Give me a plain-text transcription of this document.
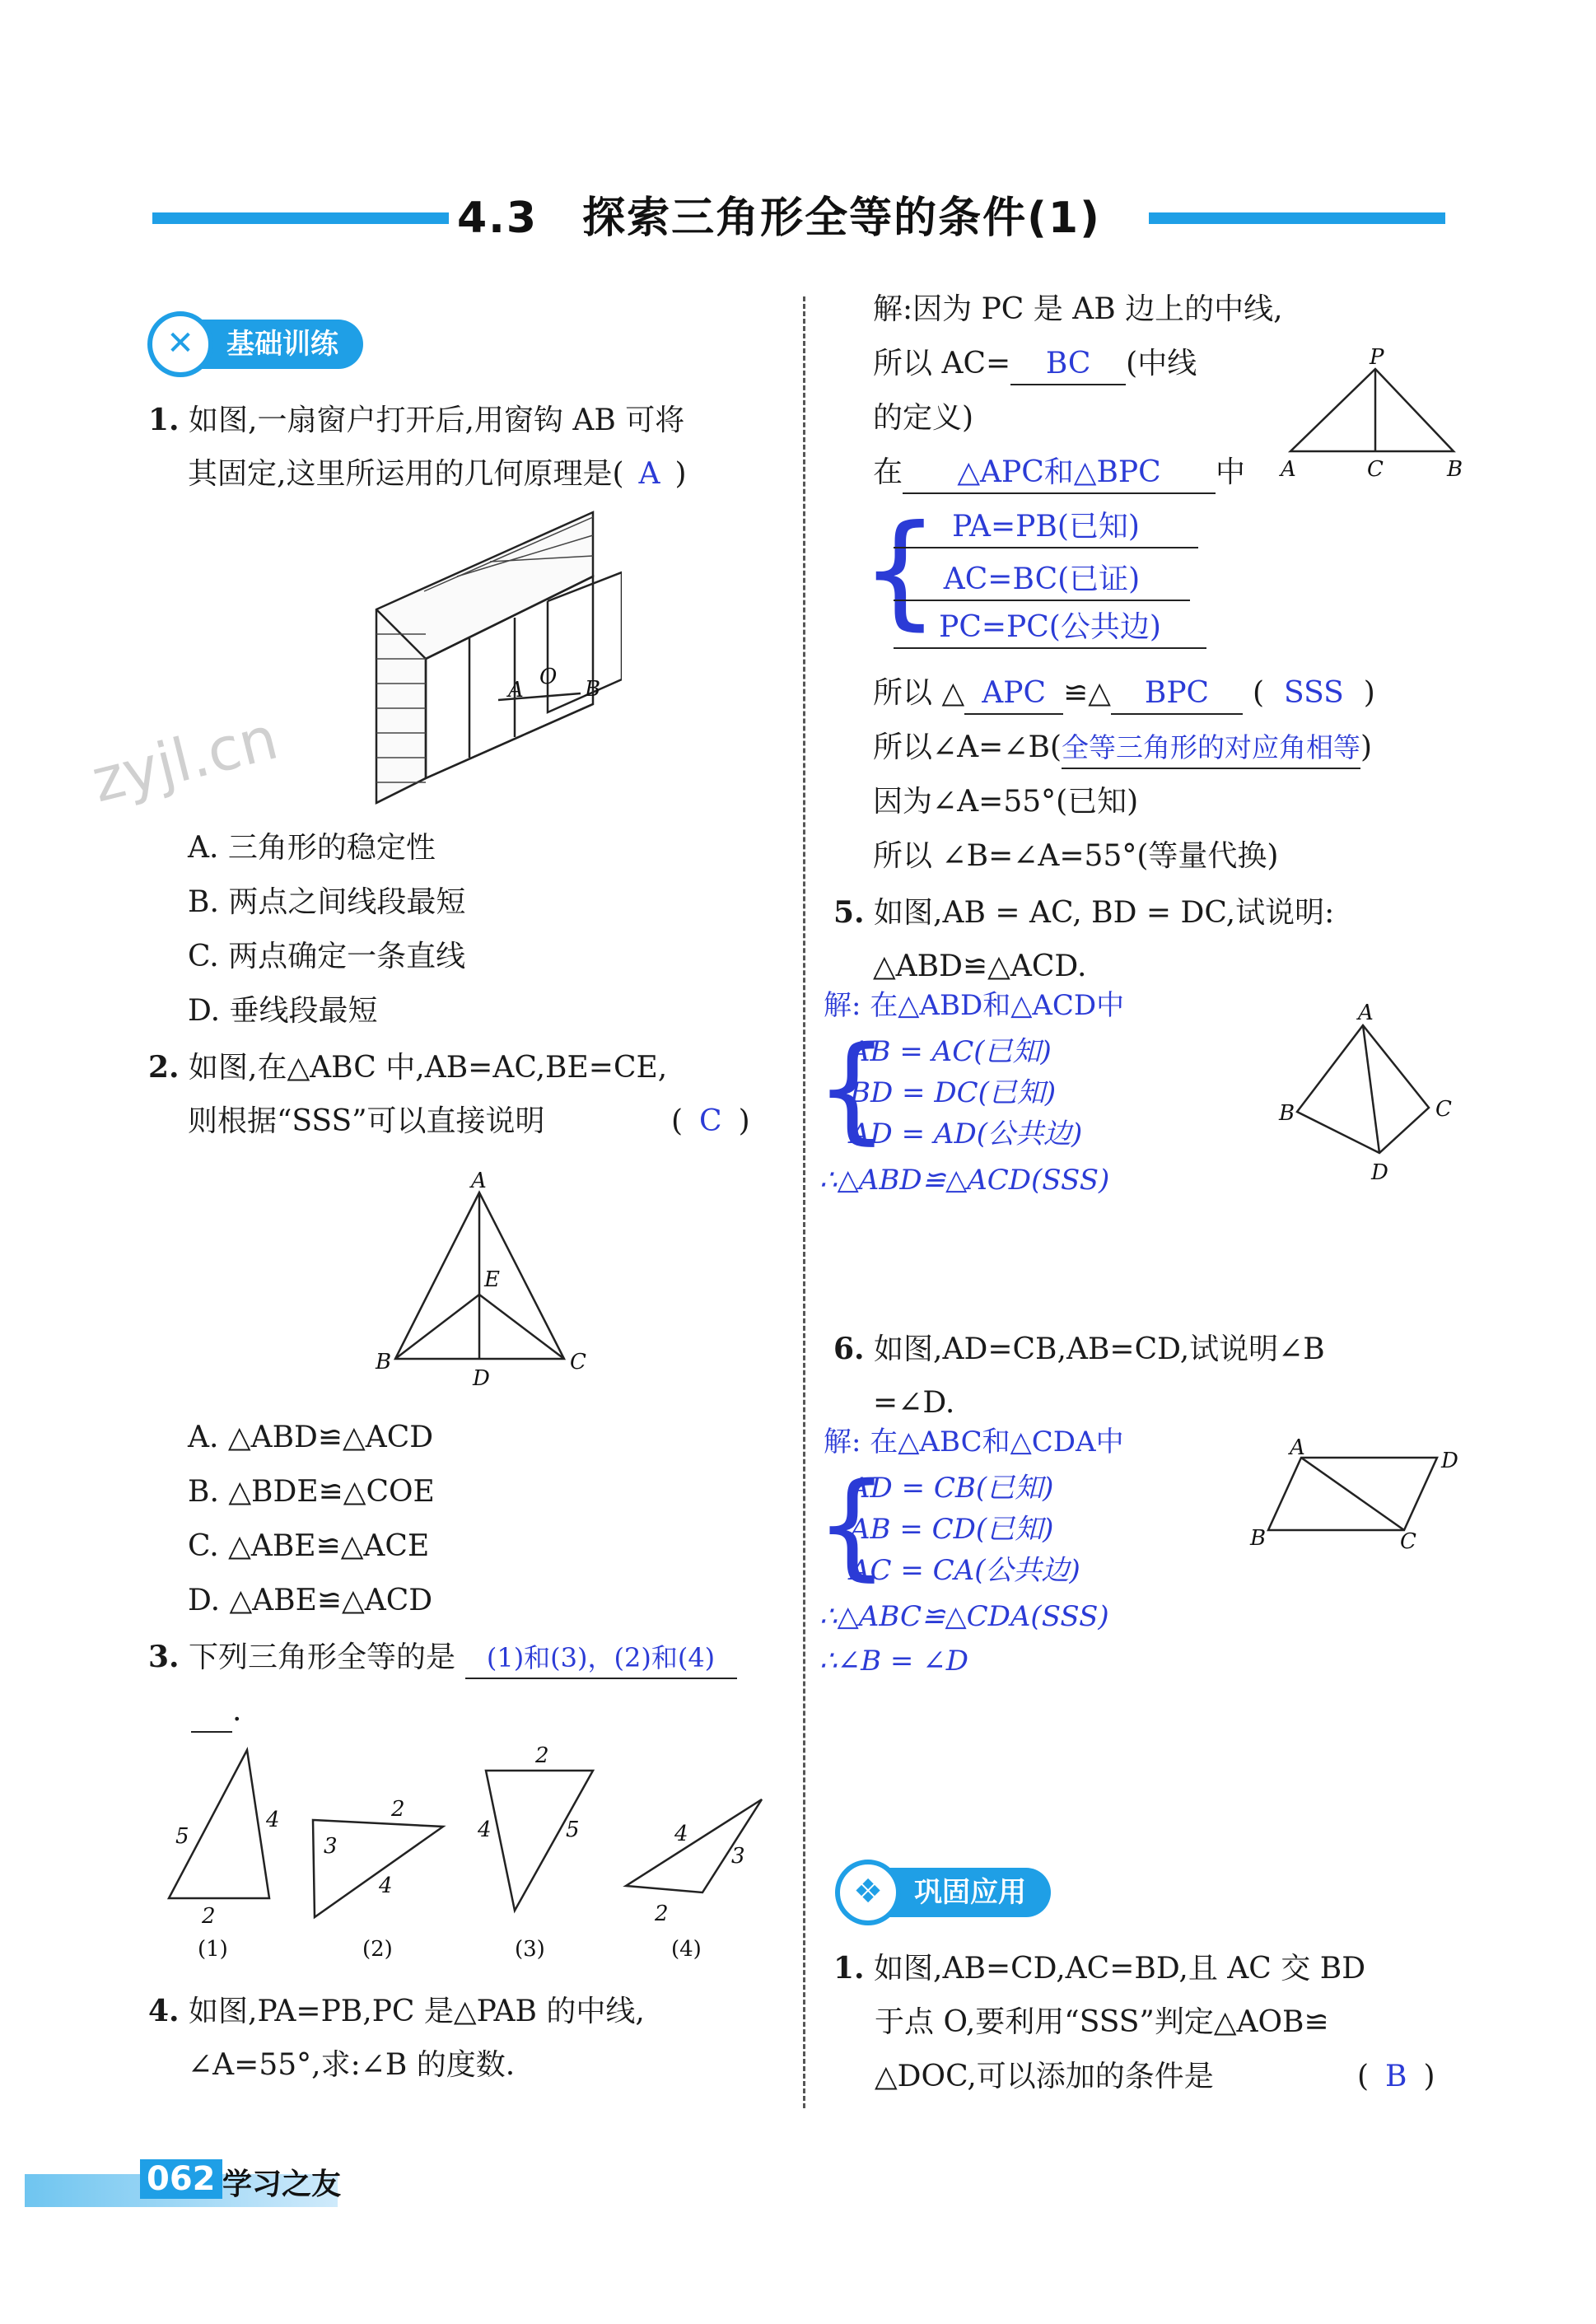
4.3　探索三角形全等的条件(1)
zyjl.cn
✕	基础训练
1. 如图,一扇窗户打开后,用窗钩 AB 可将
其固定,这里所运用的几何原理是( A )
A
O B
A. 三角形的稳定性
B. 两点之间线段最短
C. 两点确定一条直线
D. 垂线段最短
2. 如图,在△ABC 中,AB=AC,BE=CE,
则根据“SSS”可以直接说明	( C )
A
E
B
D
C
A. △ABD≌△ACD
B. △BDE≌△COE
C. △ABE≌△ACE
D. △ABE≌△ACD
3. 下列三角形全等的是 (1)和(3)，(2)和(4)
.
5
4
2
3
2
4
2
4	5	4
3
2
(1)	(2)	(3)	(4)
4. 如图,PA=PB,PC 是△PAB 的中线,
∠A=55°,求:∠B 的度数.
解:因为 PC 是 AB 边上的中线,
所以 AC= BC (中线
的定义)
P
A	C	B
在 △APC和△BPC 中
{ PA=PB(已知)
AC=BC(已证)
PC=PC(公共边)
所以 △ APC ≌△ BPC ( SSS )
所以∠A=∠B(全等三角形的对应角相等)
因为∠A=55°(已知)
所以 ∠B=∠A=55°(等量代换)
5. 如图,AB = AC, BD = DC,试说明:
△ABD≌△ACD.
解: 在△ABD和△ACD中
{
AB = AC(已知)
BD = DC(已知)
AD = AD(公共边)
∴△ABD≌△ACD(SSS)
A
B	C
D
6. 如图,AD=CB,AB=CD,试说明∠B
=∠D.
解: 在△ABC和△CDA中
{
AD = CB(已知)
AB = CD(已知)
AC = CA(公共边)
∴△ABC≌△CDA(SSS)
∴∠B = ∠D
A
D
B	C
❖	巩固应用
1. 如图,AB=CD,AC=BD,且 AC 交 BD
于点 O,要利用“SSS”判定△AOB≌
△DOC,可以添加的条件是	( B )
062 学习之友
